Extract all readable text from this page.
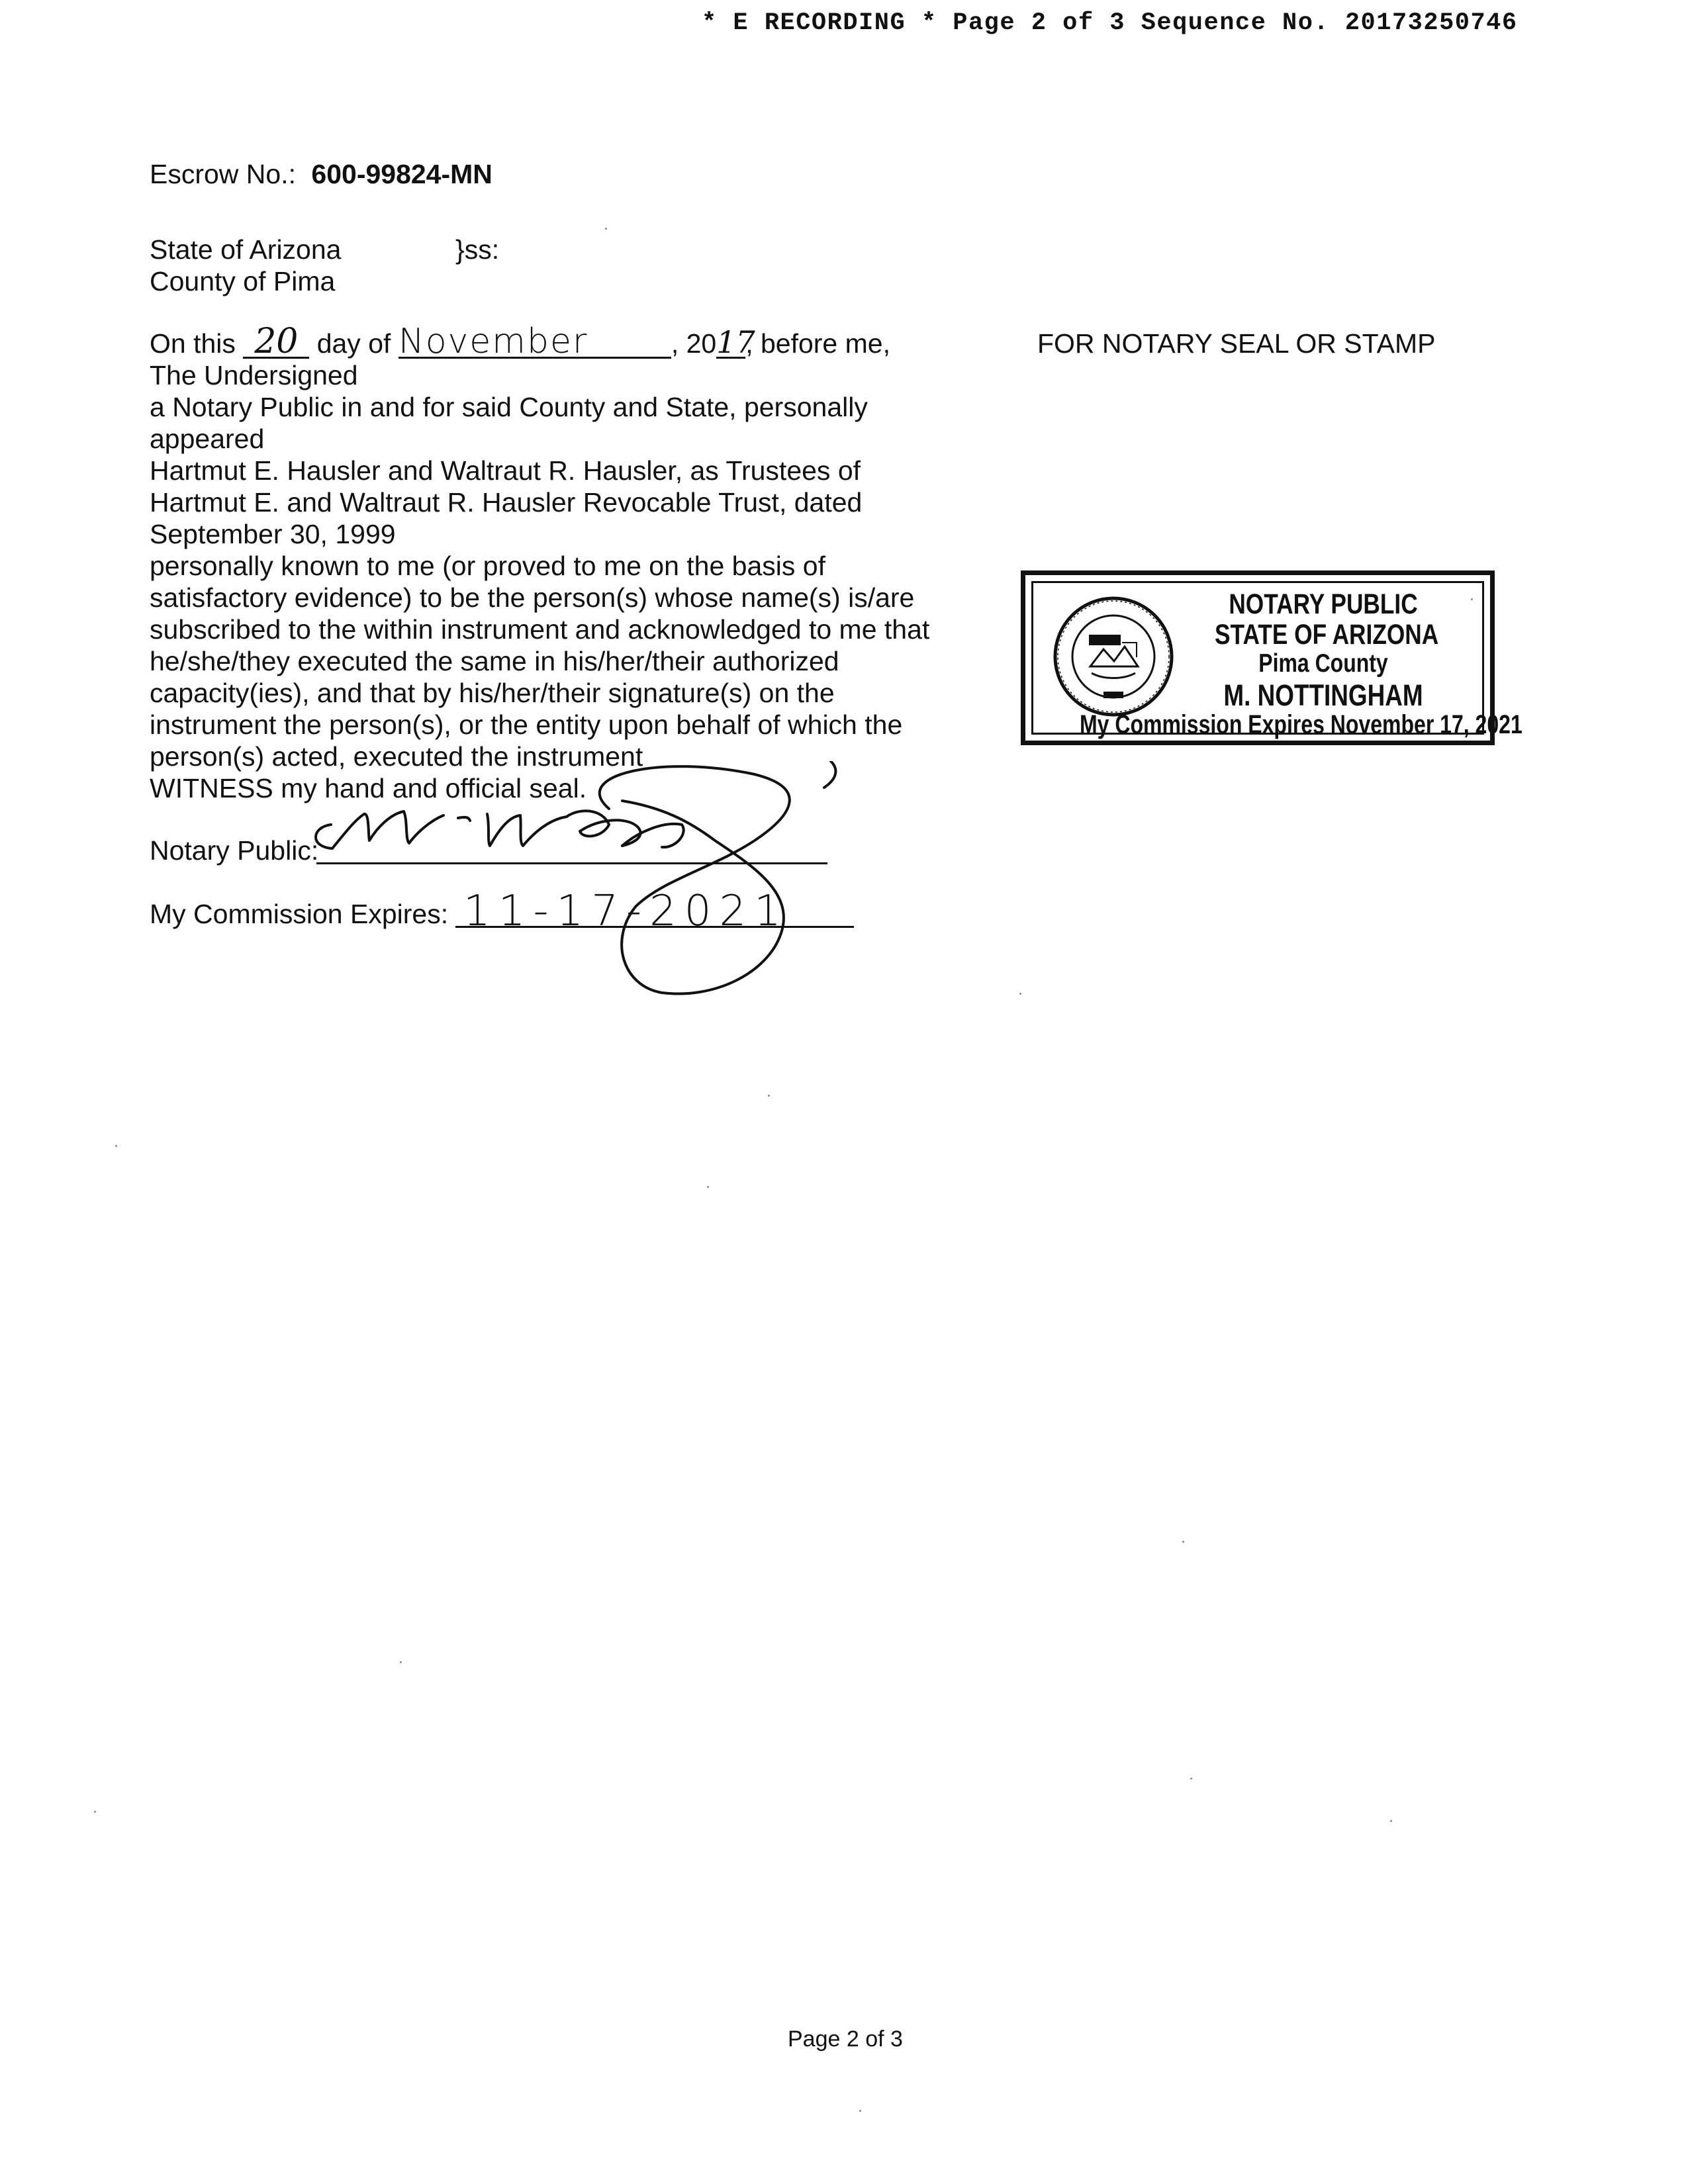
* E RECORDING * Page 2 of 3 Sequence No. 20173250746
Escrow No.: 600-99824-MN
State of Arizona	}ss:
County of Pima
On this 20 day of November	, 2017, before me,
The Undersigned
a Notary Public in and for said County and State, personally
appeared
Hartmut E. Hausler and Waltraut R. Hausler, as Trustees of
Hartmut E. and Waltraut R. Hausler Revocable Trust, dated
September 30, 1999
personally known to me (or proved to me on the basis of
satisfactory evidence) to be the person(s) whose name(s) is/are
subscribed to the within instrument and acknowledged to me that
he/she/they executed the same in his/her/their authorized
capacity(ies), and that by his/her/their signature(s) on the
instrument the person(s), or the entity upon behalf of which the
person(s) acted, executed the instrument
WITNESS my hand and official seal.
Notary Public:
My Commission Expires: 11-17-2021
FOR NOTARY SEAL OR STAMP
NOTARY PUBLIC
STATE OF ARIZONA
Pima County
M. NOTTINGHAM
My Commission Expires November 17, 2021
Page 2 of 3
